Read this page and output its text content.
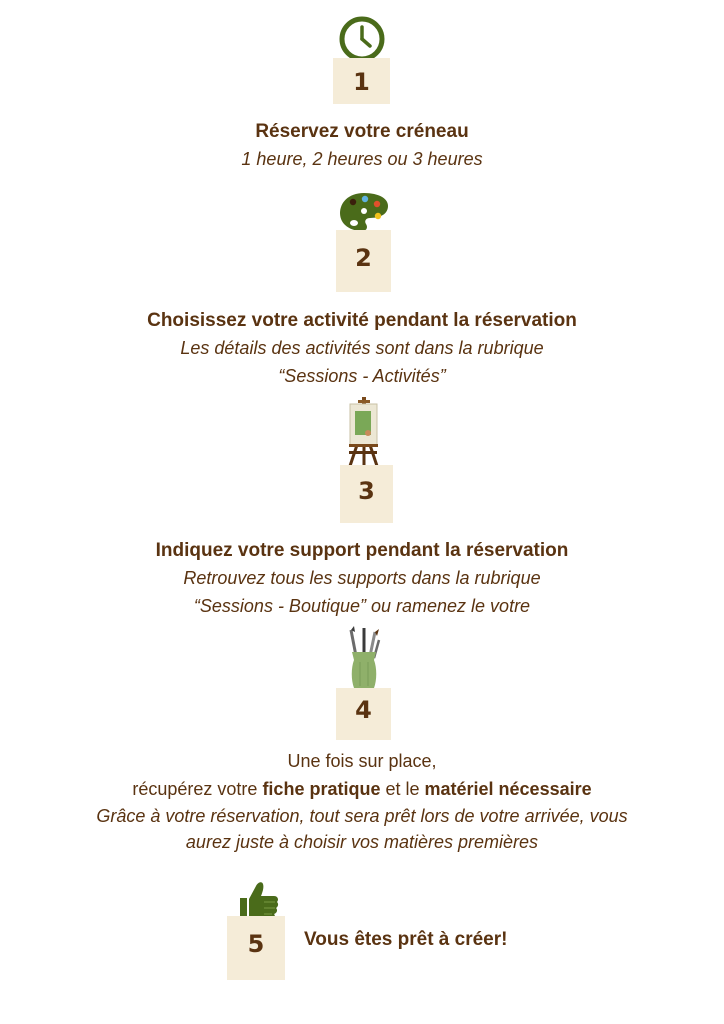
1
Réservez votre créneau
1 heure, 2 heures ou 3 heures
2
Choisissez votre activité pendant la réservation
Les détails des activités sont dans la rubrique
“Sessions - Activités”
3
Indiquez votre support pendant la réservation
Retrouvez tous les supports dans la rubrique
“Sessions - Boutique” ou ramenez le votre
4
Une fois sur place,
récupérez votre fiche pratique et le matériel nécessaire
Grâce à votre réservation, tout sera prêt lors de votre arrivée, vous
aurez juste à choisir vos matières premières
5	Vous êtes prêt à créer!
